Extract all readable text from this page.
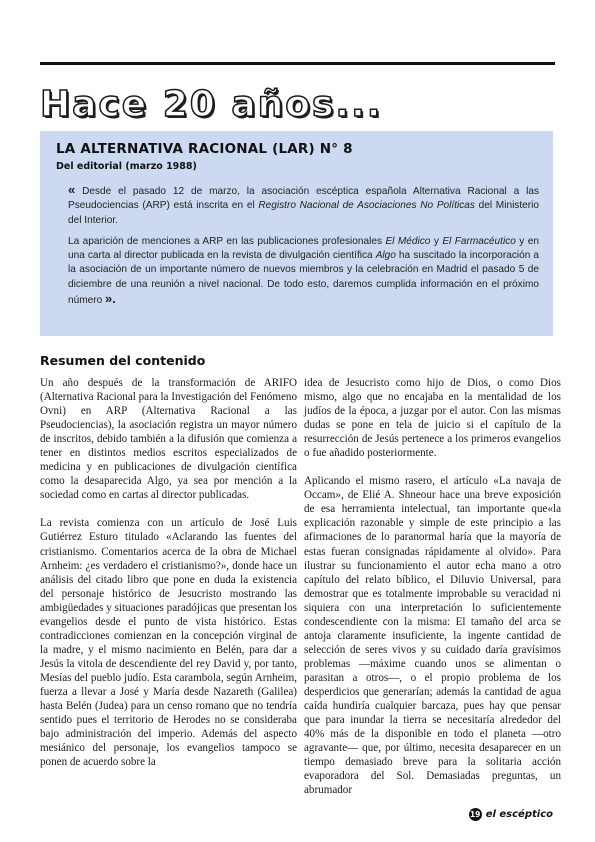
Hace 20 años...
LA ALTERNATIVA RACIONAL (LAR) N° 8
Del editorial (marzo 1988)

« Desde el pasado 12 de marzo, la asociación escéptica española Alternativa Racional a las Pseudociencias (ARP) está inscrita en el Registro Nacional de Asociaciones No Políticas del Ministerio del Interior.

La aparición de menciones a ARP en las publicaciones profesionales El Médico y El Farmacéutico y en una carta al director publicada en la revista de divulgación científica Algo ha suscitado la incorporación a la asociación de un importante número de nuevos miembros y la celebración en Madrid el pasado 5 de diciembre de una reunión a nivel nacional. De todo esto, daremos cumplida información en el próximo número ».

Resumen del contenido

Un año después de la transformación de ARIFO (Alternativa Racional para la Investigación del Fenómeno Ovni) en ARP (Alternativa Racional a las Pseudociencias), la asociación registra un mayor número de inscritos, debido también a la difusión que comienza a tener en distintos medios escritos especializados de medicina y en publicaciones de divulgación científica como la desaparecida Algo, ya sea por mención a la sociedad como en cartas al director publicadas.

La revista comienza con un artículo de José Luis Gutiérrez Esturo titulado «Aclarando las fuentes del cristianismo. Comentarios acerca de la obra de Michael Arnheim: ¿es verdadero el cristianismo?», donde hace un análisis del citado libro que pone en duda la existencia del personaje histórico de Jesucristo mostrando las ambigüedades y situaciones paradójicas que presentan los evangelios desde el punto de vista histórico. Estas contradicciones comienzan en la concepción virginal de la madre, y el mismo nacimiento en Belén, para dar a Jesús la vitola de descendiente del rey David y, por tanto, Mesías del pueblo judío. Esta carambola, según Arnheim, fuerza a llevar a José y María desde Nazareth (Galilea) hasta Belén (Judea) para un censo romano que no tendría sentido pues el territorio de Herodes no se consideraba bajo administración del imperio. Además del aspecto mesiánico del personaje, los evangelios tampoco se ponen de acuerdo sobre la

idea de Jesucristo como hijo de Dios, o como Dios mismo, algo que no encajaba en la mentalidad de los judíos de la época, a juzgar por el autor. Con las mismas dudas se pone en tela de juicio si el capítulo de la resurrección de Jesús pertenece a los primeros evangelios o fue añadido posteriormente.

Aplicando el mismo rasero, el artículo «La navaja de Occam», de Elié A. Shneour hace una breve exposición de esa herramienta intelectual, tan importante que«la explicación razonable y simple de este principio a las afirmaciones de lo paranormal haría que la mayoría de estas fueran consignadas rápidamente al olvido». Para ilustrar su funcionamiento el autor echa mano a otro capítulo del relato bíblico, el Diluvio Universal, para demostrar que es totalmente improbable su veracidad ni siquiera con una interpretación lo suficientemente condescendiente con la misma: El tamaño del arca se antoja claramente insuficiente, la ingente cantidad de selección de seres vivos y su cuidado daría gravísimos problemas —máxime cuando unos se alimentan o parasitan a otros—, o el propio problema de los desperdicios que generarían; además la cantidad de agua caída hundiría cualquier barcaza, pues hay que pensar que para inundar la tierra se necesitaría alrededor del 40% más de la disponible en todo el planeta —otro agravante— que, por último, necesita desaparecer en un tiempo demasiado breve para la solitaria acción evaporadora del Sol. Demasiadas preguntas, un abrumador

19 el escéptico
